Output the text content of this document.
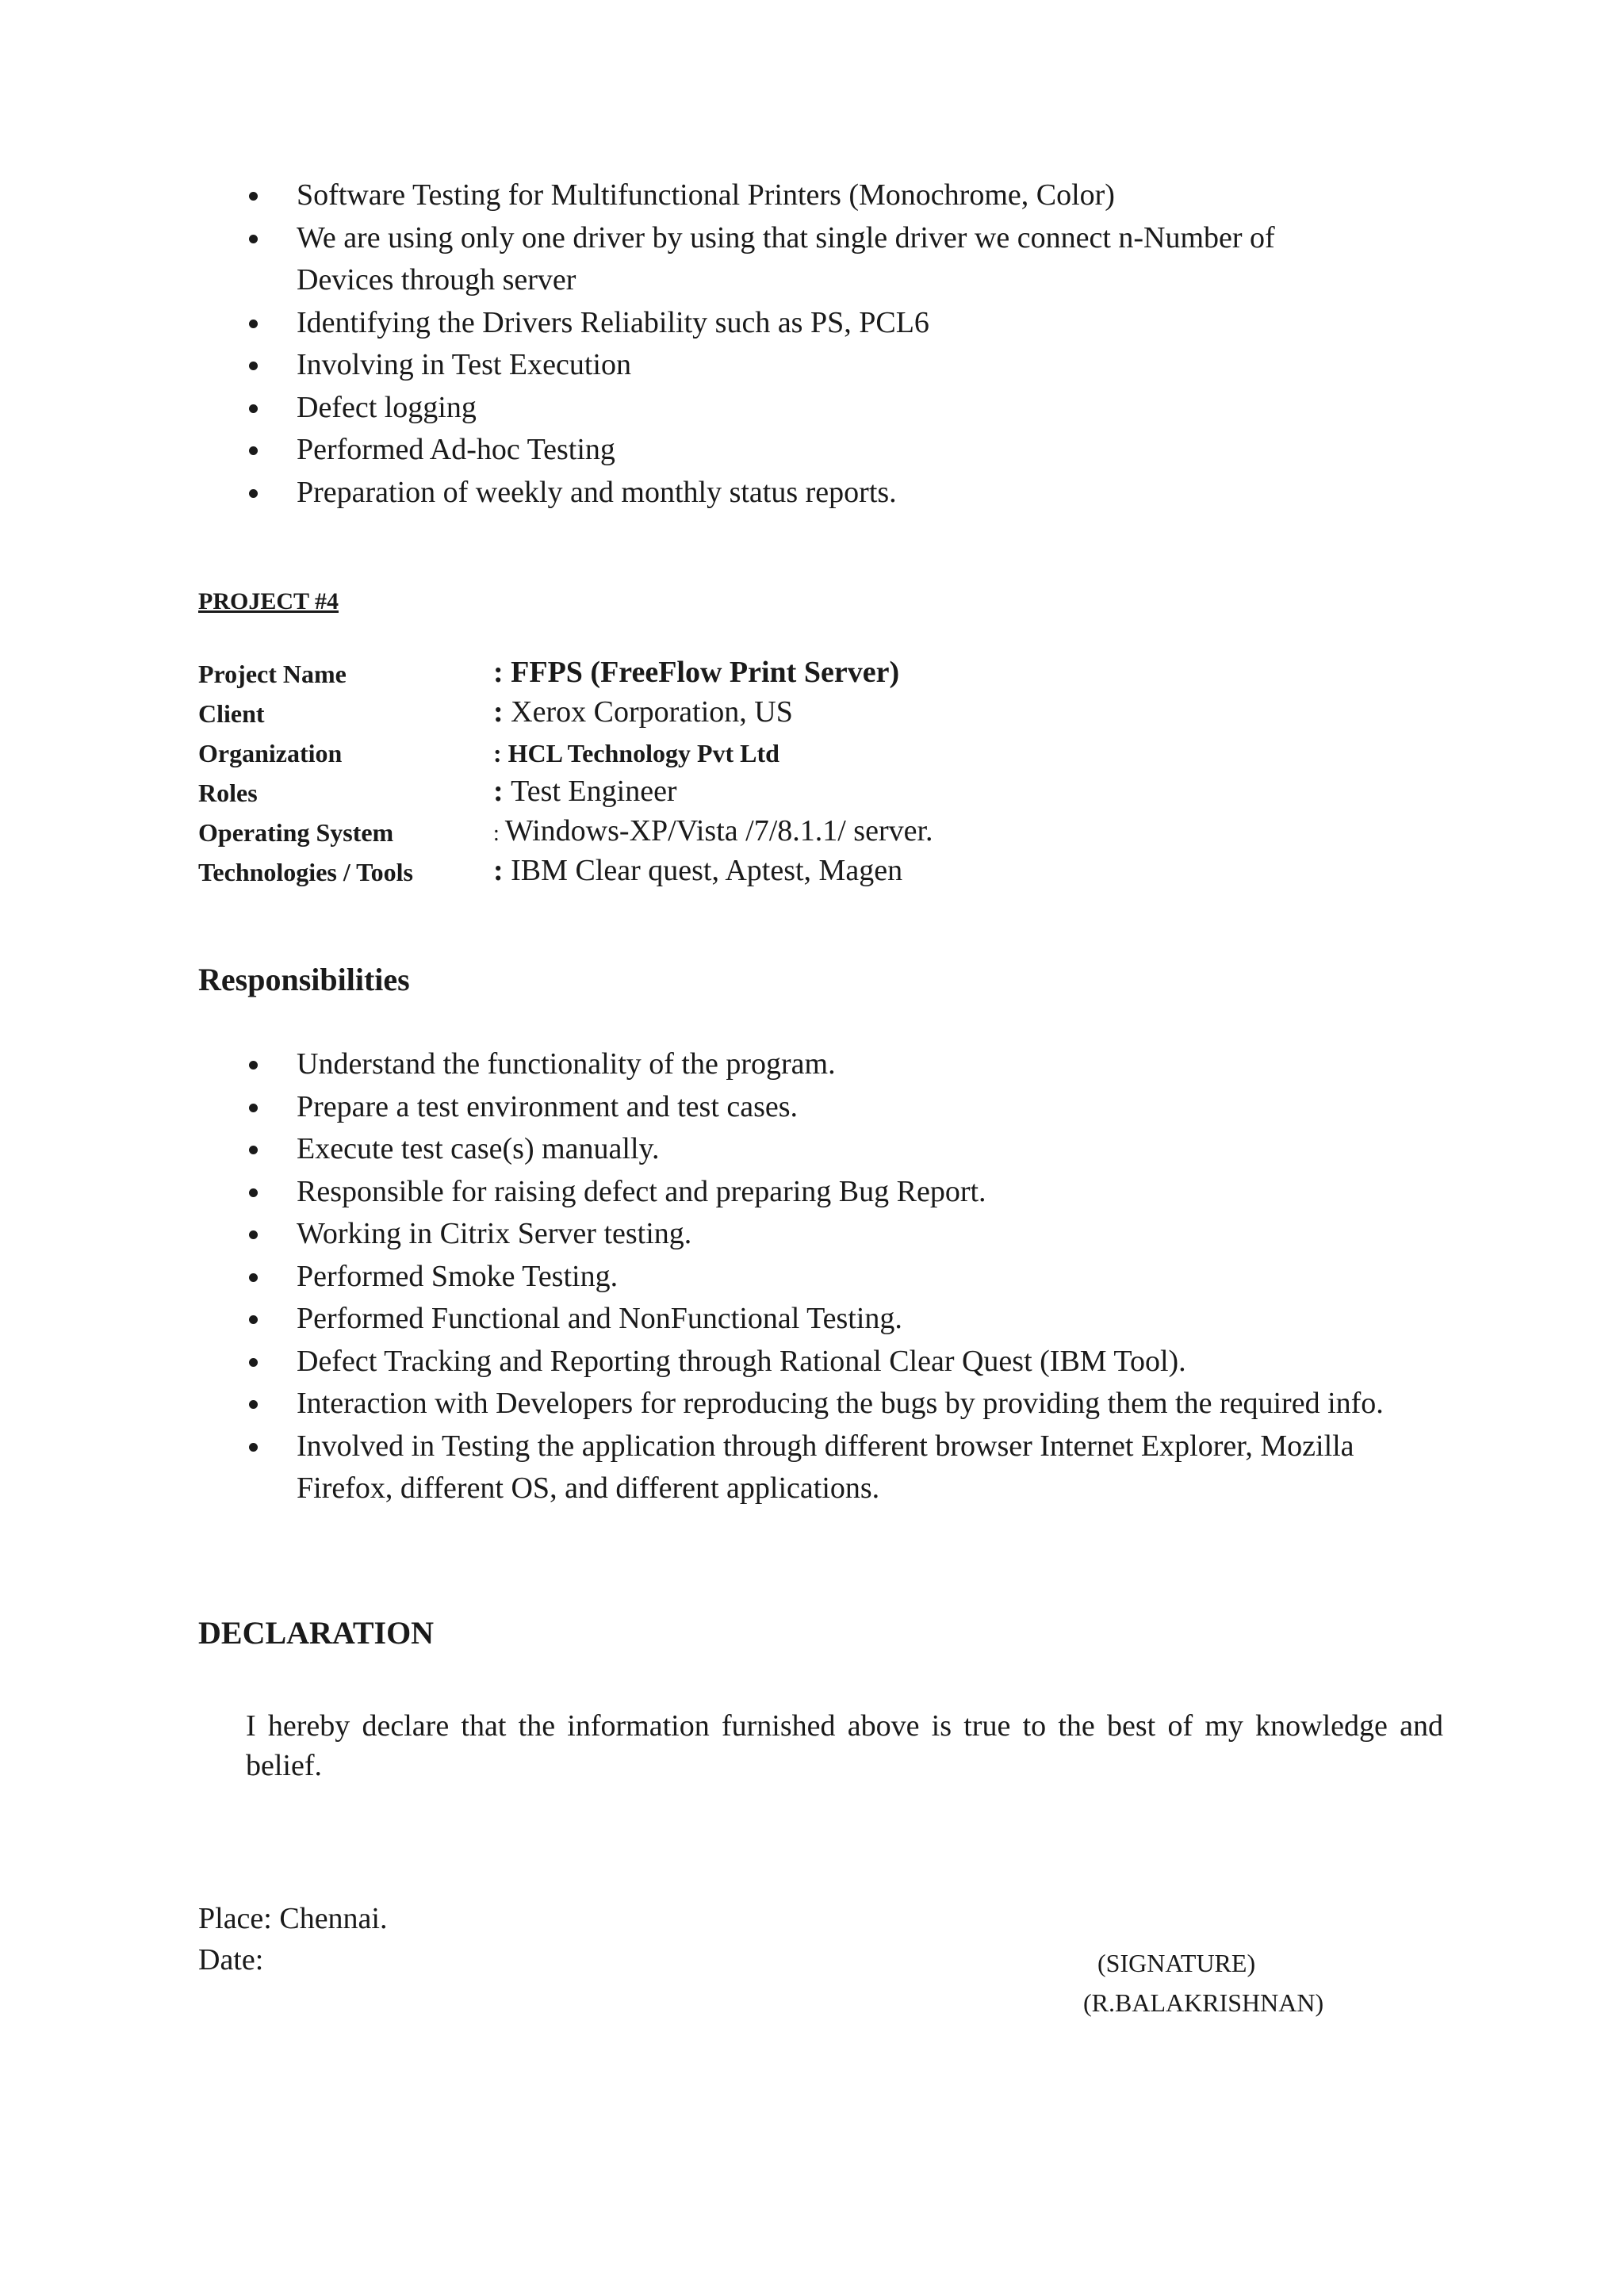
Software Testing for Multifunctional Printers (Monochrome, Color)
We are using only one driver by using that single driver we connect n-Number of Devices through server
Identifying the Drivers Reliability such as PS, PCL6
Involving in Test Execution
Defect logging
Performed Ad-hoc Testing
Preparation of weekly and monthly status reports.
PROJECT #4
Project Name	: FFPS (FreeFlow Print Server)
Client	: Xerox Corporation, US
Organization	: HCL Technology Pvt Ltd
Roles	: Test Engineer
Operating System	: Windows-XP/Vista /7/8.1.1/ server.
Technologies / Tools	: IBM Clear quest, Aptest, Magen
Responsibilities
Understand the functionality of the program.
Prepare a test environment and test cases.
Execute test case(s) manually.
Responsible for raising defect and preparing Bug Report.
Working in Citrix Server testing.
Performed Smoke Testing.
Performed Functional and NonFunctional Testing.
Defect Tracking and Reporting through Rational Clear Quest (IBM Tool).
Interaction with Developers for reproducing the bugs by providing them the required info.
Involved in Testing the application through different browser Internet Explorer, Mozilla Firefox, different OS, and different applications.
DECLARATION
I hereby declare that the information furnished above is true to the best of my knowledge and belief.
Place: Chennai.
Date:	(SIGNATURE)
(R.BALAKRISHNAN)
